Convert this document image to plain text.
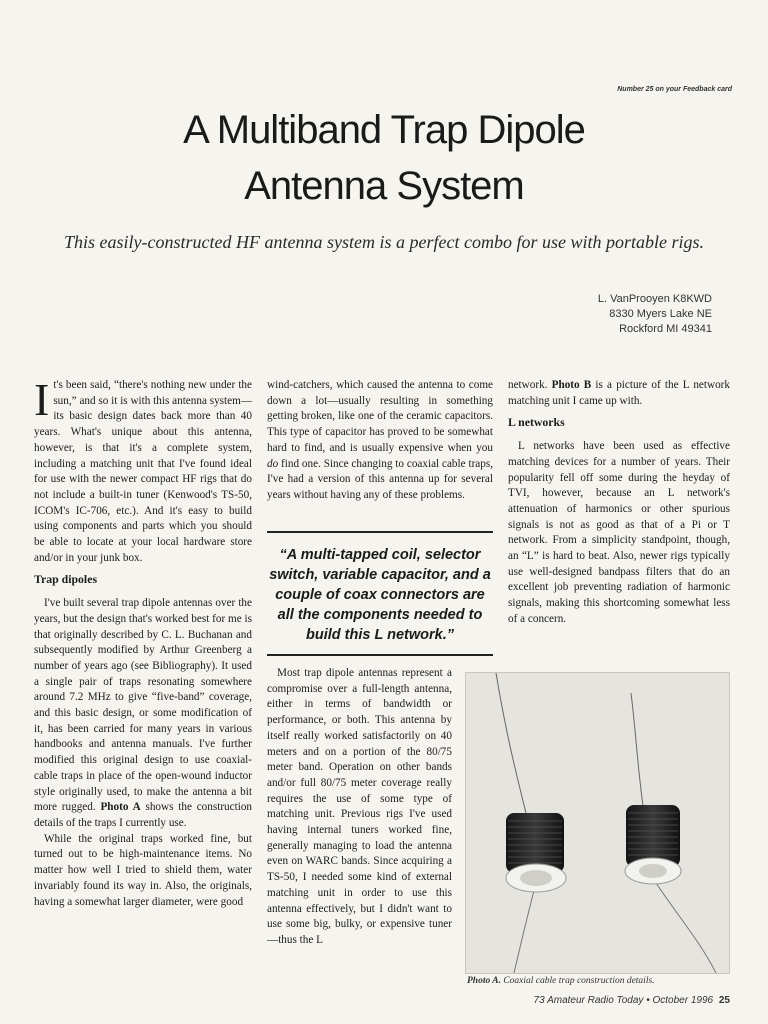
Number 25 on your Feedback card
A Multiband Trap Dipole
Antenna System
This easily-constructed HF antenna system is a perfect combo for use with portable rigs.
L. VanProoyen K8KWD
8330 Myers Lake NE
Rockford MI 49341

It's been said, “there's nothing new under the sun,” and so it is with this antenna system—its basic design dates back more than 40 years. What's unique about this antenna, however, is that it's a complete system, including a matching unit that I've found ideal for use with the newer compact HF rigs that do not include a built-in tuner (Kenwood's TS-50, ICOM's IC-706, etc.). And it's easy to build using components and parts which you should be able to locate at your local hardware store and/or in your junk box.

Trap dipoles

I've built several trap dipole antennas over the years, but the design that's worked best for me is that originally described by C. L. Buchanan and subsequently modified by Arthur Greenberg a number of years ago (see Bibliography). It used a single pair of traps resonating somewhere around 7.2 MHz to give “five-band” coverage, and this basic design, or some modification of it, has been carried for many years in various handbooks and antenna manuals. I've further modified this original design to use coaxial-cable traps in place of the open-wound inductor style originally used, to make the antenna a bit more rugged. Photo A shows the construction details of the traps I currently use.

While the original traps worked fine, but turned out to be high-maintenance items. No matter how well I tried to shield them, water invariably found its way in. Also, the originals, having a somewhat larger diameter, were good

wind-catchers, which caused the antenna to come down a lot—usually resulting in something getting broken, like one of the ceramic capacitors. This type of capacitor has proved to be somewhat hard to find, and is usually expensive when you do find one. Since changing to coaxial cable traps, I've had a version of this antenna up for several years without having any of these problems.

“A multi-tapped coil, selector switch, variable capacitor, and a couple of coax connectors are all the components needed to build this L network.”

Most trap dipole antennas represent a compromise over a full-length antenna, either in terms of bandwidth or performance, or both. This antenna by itself really worked satisfactorily on 40 meters and on a portion of the 80/75 meter band. Operation on other bands and/or full 80/75 meter coverage really requires the use of some type of matching unit. Previous rigs I've used having internal tuners worked fine, generally managing to load the antenna even on WARC bands. Since acquiring a TS-50, I needed some kind of external matching unit in order to use this antenna effectively, but I didn't want to use some big, bulky, or expensive tuner—thus the L

network. Photo B is a picture of the L network matching unit I came up with.

L networks

L networks have been used as effective matching devices for a number of years. Their popularity fell off some during the heyday of TVI, however, because an L network's attenuation of harmonics or other spurious signals is not as good as that of a Pi or T network. From a simplicity standpoint, though, an “L” is hard to beat. Also, newer rigs typically use well-designed bandpass filters that do an excellent job preventing radiation of harmonic signals, making this shortcoming somewhat less of a concern.

Photo A. Coaxial cable trap construction details.
73 Amateur Radio Today • October 1996 25
